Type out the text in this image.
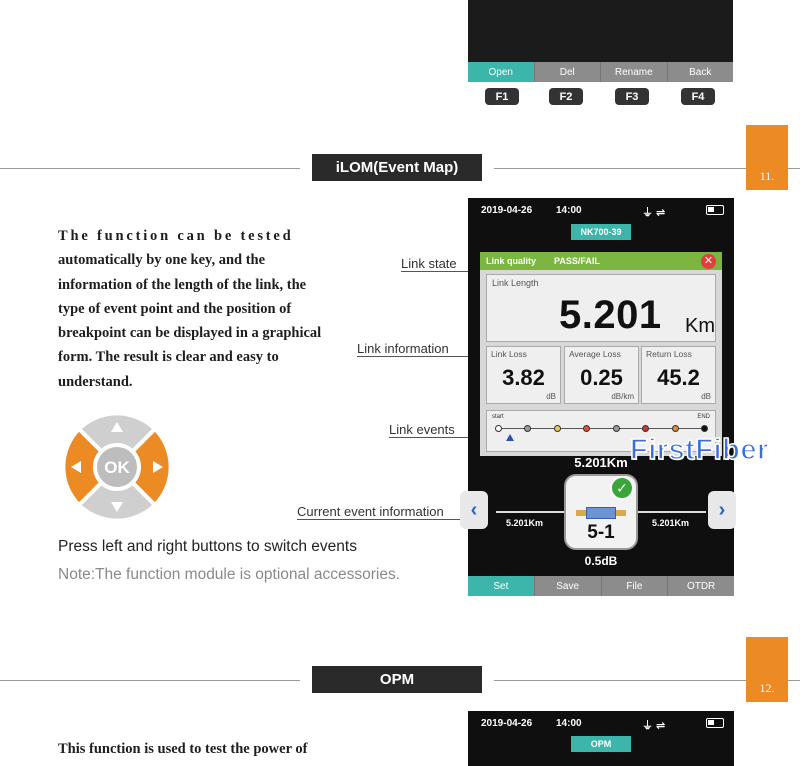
Open	Del	Rename	Back
F1	F2	F3	F4
iLOM(Event Map)	11.
The function can be tested automatically by one key, and the information of the length of the link, the type of event point and the position of breakpoint can be displayed in a graphical form. The result is clear and easy to understand.
OK
Press left and right buttons to switch events
Note:The function module is optional accessories.
Link state
Link information
Link events
Current event information
2019-04-26 14:00	⏚⇌
NK700-39
Link quality PASS/FAIL	✕
Link Length
5.201 Km
Link Loss
3.82
dB
Average Loss
0.25
dB/km
Return Loss
45.2
dB
start	END
5.201Km
‹	›
5.201Km	5.201Km
5-1
✓
0.5dB
Set	Save	File	OTDR
FirstFiber
OPM	12.
2019-04-26 14:00	⏚⇌
OPM
This function is used to test the power of
